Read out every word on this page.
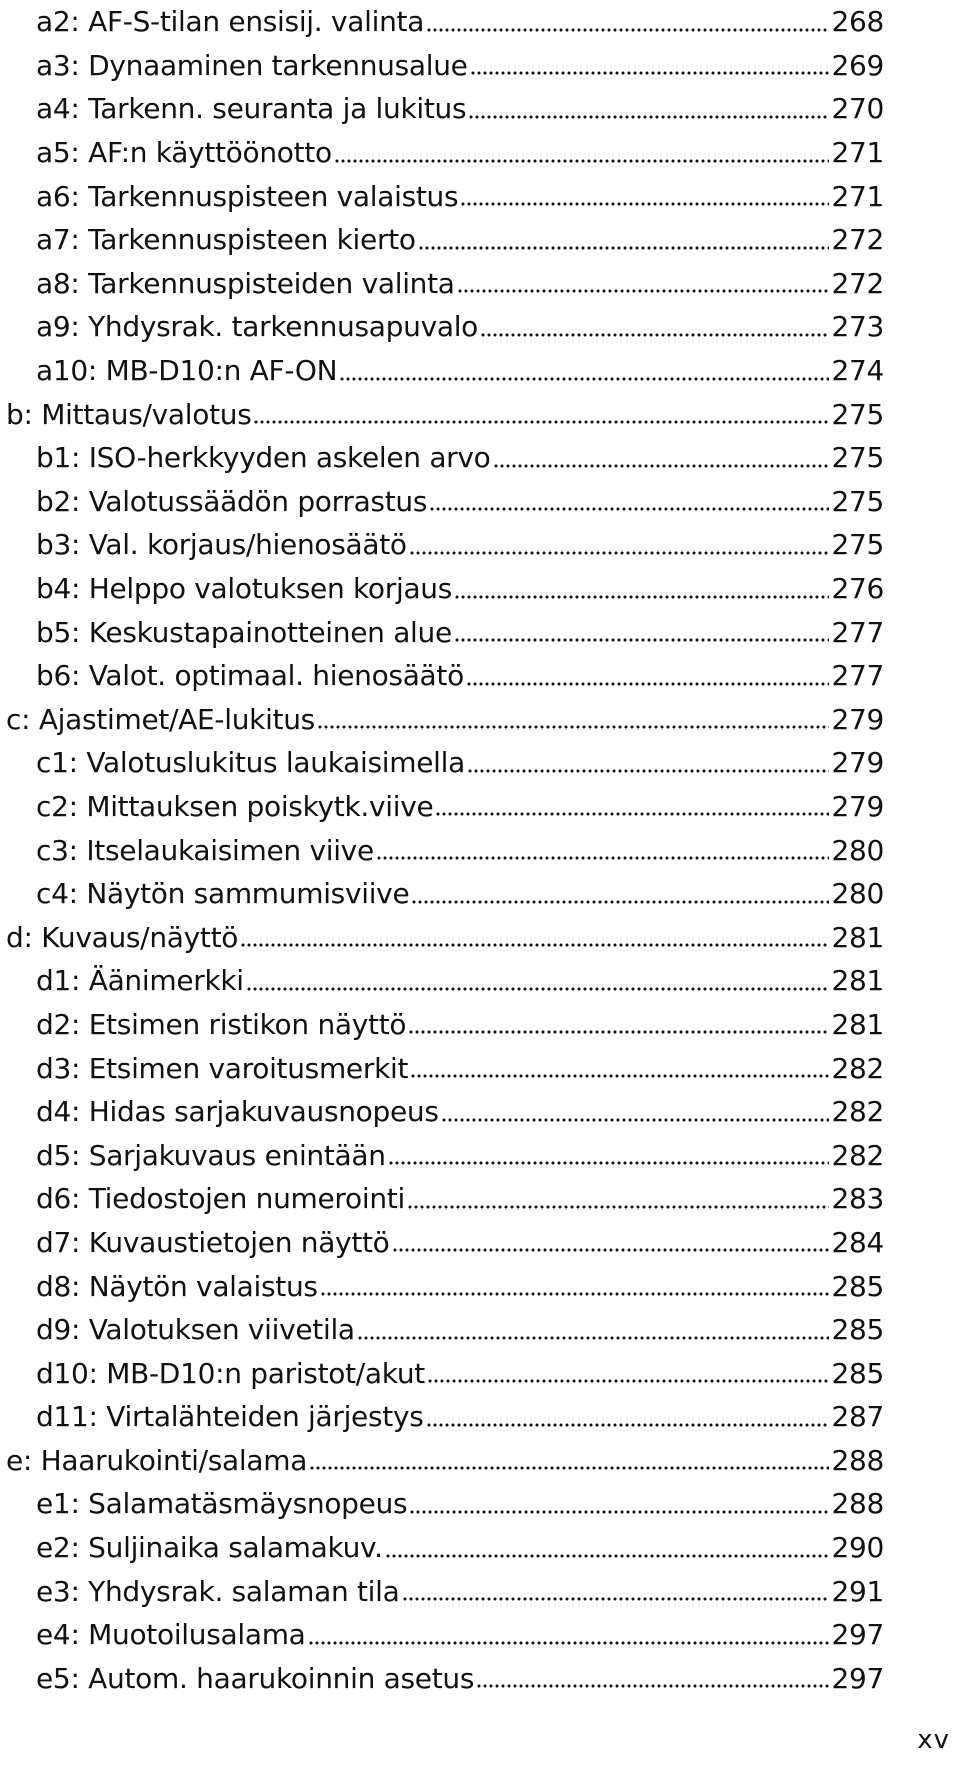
a2: AF-S-tilan ensisij. valinta	268
a3: Dynaaminen tarkennusalue	269
a4: Tarkenn. seuranta ja lukitus	270
a5: AF:n käyttöönotto	271
a6: Tarkennuspisteen valaistus	271
a7: Tarkennuspisteen kierto	272
a8: Tarkennuspisteiden valinta	272
a9: Yhdysrak. tarkennusapuvalo	273
a10: MB-D10:n AF-ON	274
b: Mittaus/valotus	275
b1: ISO-herkkyyden askelen arvo	275
b2: Valotussäädön porrastus	275
b3: Val. korjaus/hienosäätö	275
b4: Helppo valotuksen korjaus	276
b5: Keskustapainotteinen alue	277
b6: Valot. optimaal. hienosäätö	277
c: Ajastimet/AE-lukitus	279
c1: Valotuslukitus laukaisimella	279
c2: Mittauksen poiskytk.viive	279
c3: Itselaukaisimen viive	280
c4: Näytön sammumisviive	280
d: Kuvaus/näyttö	281
d1: Äänimerkki	281
d2: Etsimen ristikon näyttö	281
d3: Etsimen varoitusmerkit	282
d4: Hidas sarjakuvausnopeus	282
d5: Sarjakuvaus enintään	282
d6: Tiedostojen numerointi	283
d7: Kuvaustietojen näyttö	284
d8: Näytön valaistus	285
d9: Valotuksen viivetila	285
d10: MB-D10:n paristot/akut	285
d11: Virtalähteiden järjestys	287
e: Haarukointi/salama	288
e1: Salamatäsmäysnopeus	288
e2: Suljinaika salamakuv.	290
e3: Yhdysrak. salaman tila	291
e4: Muotoilusalama	297
e5: Autom. haarukoinnin asetus	297
xv
